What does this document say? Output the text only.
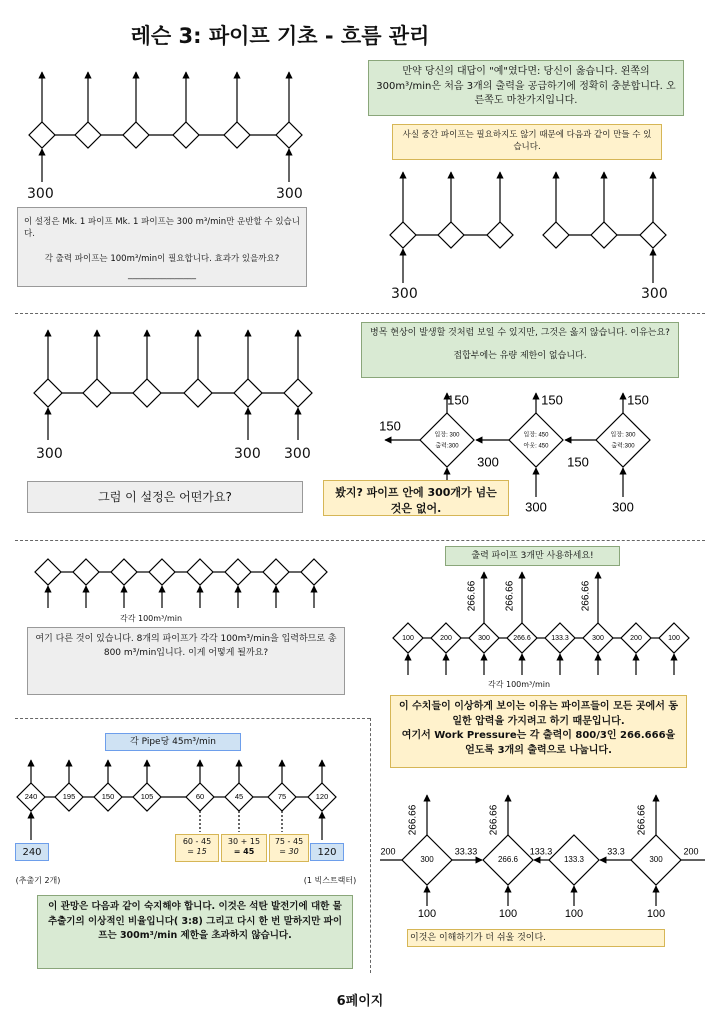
레슨 3: 파이프 기초 - 흐름 관리
입장: 300
출력:300
입장: 450
아웃: 450
입장: 300
출력:300
150
150	150	150
300	150
300	300
100	200	300	266.6	133.3	300	200	100
266.66	266.66	266.66
240	195	150	105	60	45	75	120
300	266.6	133.3	300
200	200
33.33	133.3	33.3
266.66	266.66	266.66
100	100	100	100
300	300
이 설정은 Mk. 1 파이프 Mk. 1 파이프는 300 m³/min만 운반할 수 있습니다.
각 출력 파이프는 100m³/min이 필요합니다. 효과가 있을까요?
________________
만약 당신의 대답이 "예"였다면: 당신이 옳습니다. 왼쪽의 300m³/min은 처음 3개의 출력을 공급하기에 정확히 충분합니다. 오른쪽도 마찬가지입니다.
사실 중간 파이프는 필요하지도 않기 때문에 다음과 같이 만들 수 있습니다.
300	300
300	300 300
그럼 이 설정은 어떤가요?
병목 현상이 발생할 것처럼 보일 수 있지만, 그것은 옳지 않습니다. 이유는요?
접합부에는 유량 제한이 없습니다.
봤지? 파이프 안에 300개가 넘는 것은 없어.
각각 100m³/min
여기 다른 것이 있습니다. 8개의 파이프가 각각 100m³/min을 입력하므로 총 800 m³/min입니다. 이게 어떻게 될까요?
출력 파이프 3개만 사용하세요!
각각 100m³/min
이 수치들이 이상하게 보이는 이유는 파이프들이 모든 곳에서 동일한 압력을 가지려고 하기 때문입니다.
여기서 Work Pressure는 각 출력이 800/3인 266.666을 얻도록 3개의 출력으로 나눕니다.
각 Pipe당 45m³/min
240	120
60 - 45
= 15
30 + 15
= 45
75 - 45
= 30
(추출기 2개)	(1 빅스트랙터)
이 관망은 다음과 같이 숙지해야 합니다. 이것은 석탄 발전기에 대한 물 추출기의 이상적인 비율입니다( 3:8) 그리고 다시 한 번 말하지만 파이프는 300m³/min 제한을 초과하지 않습니다.	이것은 이해하기가 더 쉬울 것이다.
6페이지
